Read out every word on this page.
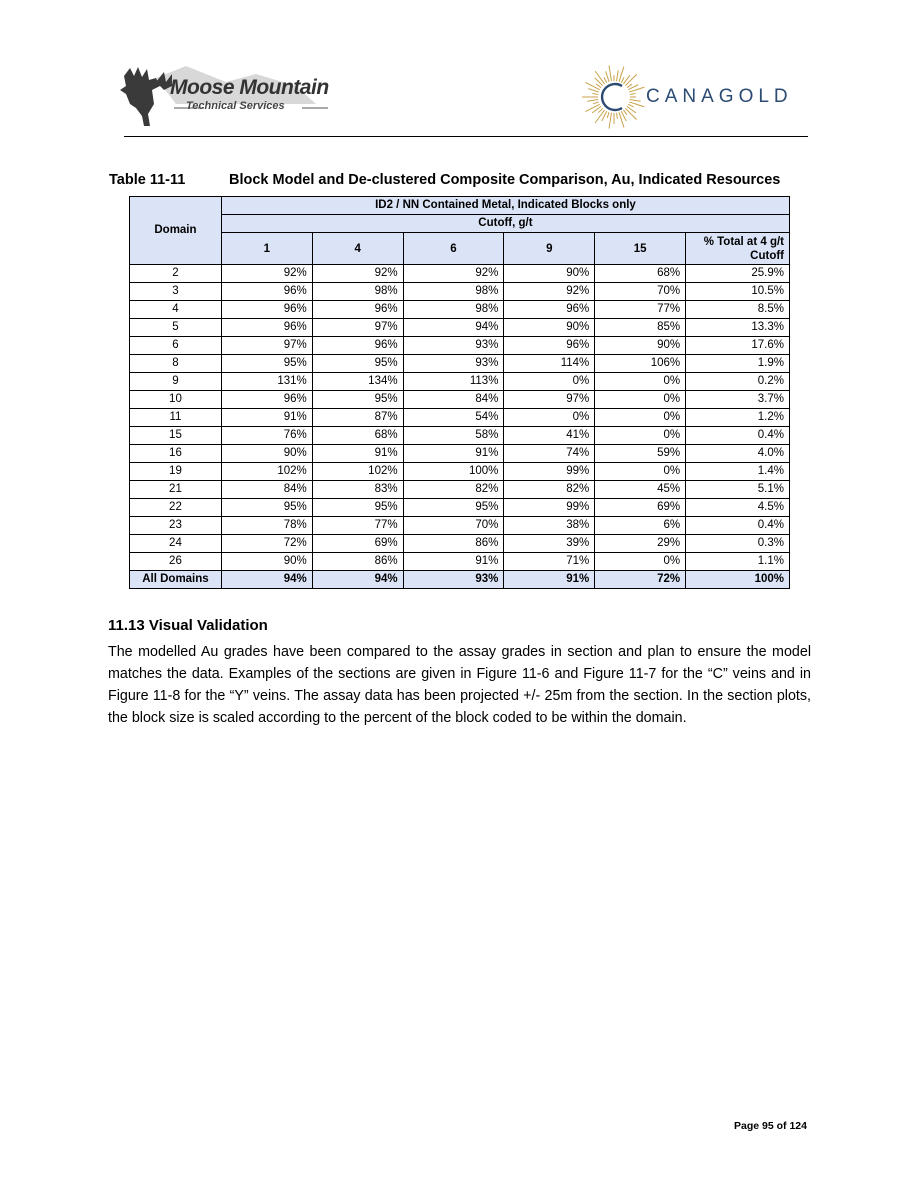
Moose Mountain
Technical Services	CANAGOLD
Table 11-11	Block Model and De-clustered Composite Comparison, Au, Indicated Resources
Domain	ID2 / NN Contained Metal, Indicated Blocks only					
	Cutoff, g/t					
	1	4	6	9	15	% Total at 4 g/t Cutoff
2	92%	92%	92%	90%	68%	25.9%
3	96%	98%	98%	92%	70%	10.5%
4	96%	96%	98%	96%	77%	8.5%
5	96%	97%	94%	90%	85%	13.3%
6	97%	96%	93%	96%	90%	17.6%
8	95%	95%	93%	114%	106%	1.9%
9	131%	134%	113%	0%	0%	0.2%
10	96%	95%	84%	97%	0%	3.7%
11	91%	87%	54%	0%	0%	1.2%
15	76%	68%	58%	41%	0%	0.4%
16	90%	91%	91%	74%	59%	4.0%
19	102%	102%	100%	99%	0%	1.4%
21	84%	83%	82%	82%	45%	5.1%
22	95%	95%	95%	99%	69%	4.5%
23	78%	77%	70%	38%	6%	0.4%
24	72%	69%	86%	39%	29%	0.3%
26	90%	86%	91%	71%	0%	1.1%
All Domains	94%	94%	93%	91%	72%	100%
11.13 Visual Validation
The modelled Au grades have been compared to the assay grades in section and plan to ensure the model matches the data. Examples of the sections are given in Figure 11-6 and Figure 11-7 for the “C” veins and in Figure 11-8 for the “Y” veins. The assay data has been projected +/- 25m from the section. In the section plots, the block size is scaled according to the percent of the block coded to be within the domain.
Page 95 of 124
